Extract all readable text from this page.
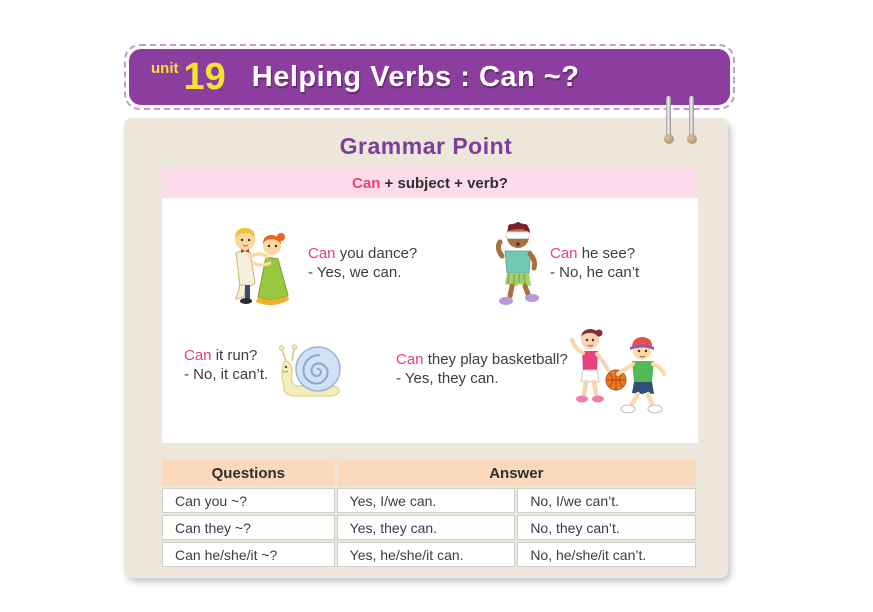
unit 19 Helping Verbs : Can ~?
Grammar Point
Can + subject + verb?
Can you dance?
- Yes, we can.
Can he see?
- No, he can’t
Can it run?
- No, it can’t.
Can they play basketball?
- Yes, they can.
Questions	Answer	
Can you ~?	Yes, I/we can.	No, I/we can’t.
Can they ~?	Yes, they can.	No, they can’t.
Can he/she/it ~?	Yes, he/she/it can.	No, he/she/it can’t.
